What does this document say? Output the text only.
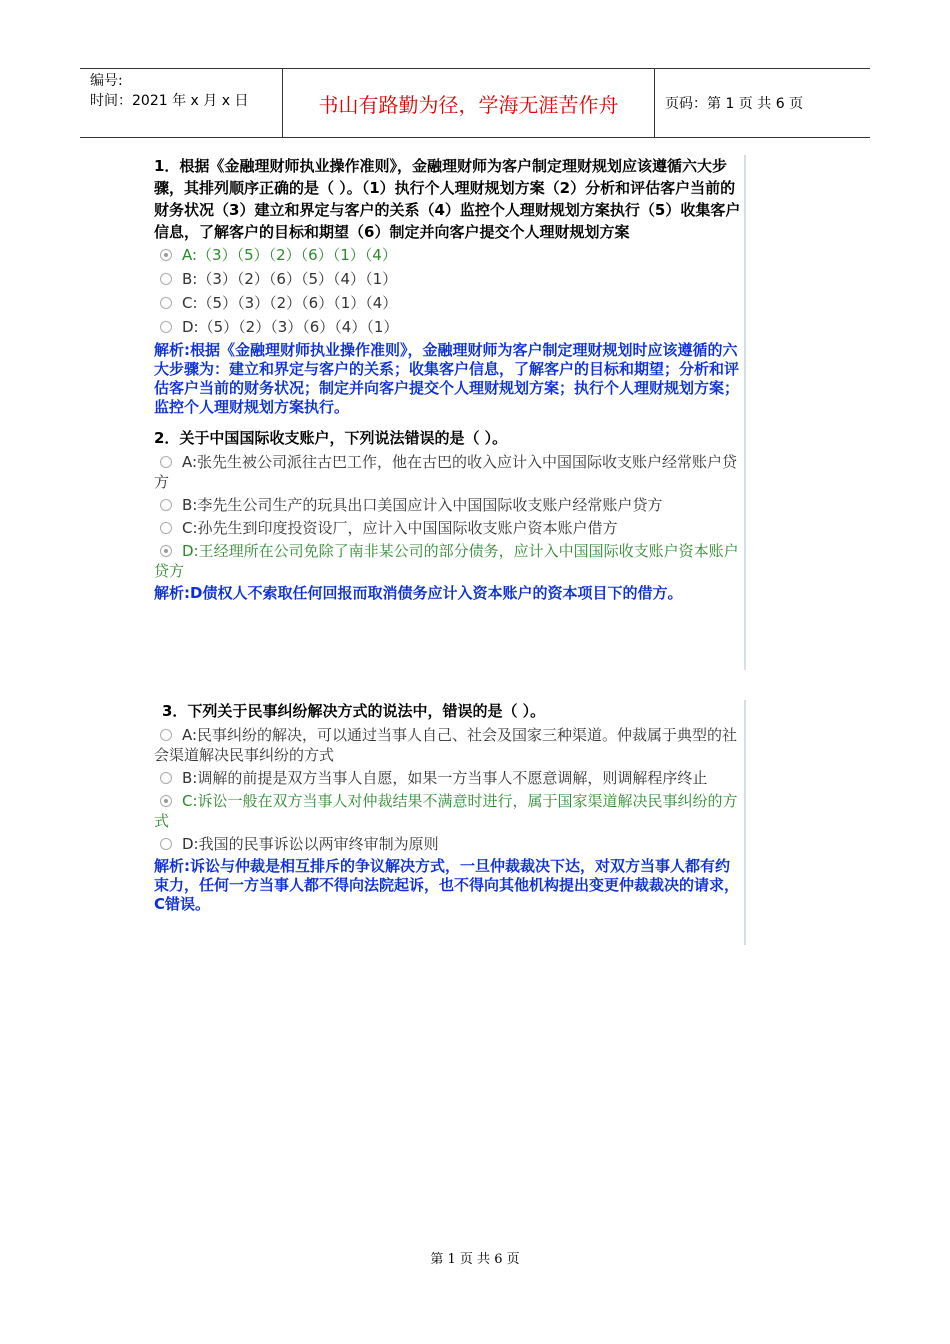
编号:
时间：2021 年 x 月 x 日	书山有路勤为径，学海无涯苦作舟	页码：第 1 页 共 6 页

1．根据《金融理财师执业操作准则》，金融理财师为客户制定理财规划应该遵循六大步骤，其排列顺序正确的是（ ）。（1）执行个人理财规划方案（2）分析和评估客户当前的财务状况（3）建立和界定与客户的关系（4）监控个人理财规划方案执行（5）收集客户信息，了解客户的目标和期望（6）制定并向客户提交个人理财规划方案

A:（3）（5）（2）（6）（1）（4）
B:（3）（2）（6）（5）（4）（1）
C:（5）（3）（2）（6）（1）（4）
D:（5）（2）（3）（6）（4）（1）
解析:根据《金融理财师执业操作准则》，金融理财师为客户制定理财规划时应该遵循的六大步骤为：建立和界定与客户的关系；收集客户信息，了解客户的目标和期望；分析和评估客户当前的财务状况；制定并向客户提交个人理财规划方案；执行个人理财规划方案；监控个人理财规划方案执行。

2．关于中国国际收支账户，下列说法错误的是（ ）。

A:张先生被公司派往古巴工作，他在古巴的收入应计入中国国际收支账户经常账户贷方
B:李先生公司生产的玩具出口美国应计入中国国际收支账户经常账户贷方
C:孙先生到印度投资设厂，应计入中国国际收支账户资本账户借方
D:王经理所在公司免除了南非某公司的部分债务，应计入中国国际收支账户资本账户贷方
解析:D债权人不索取任何回报而取消债务应计入资本账户的资本项目下的借方。

3．下列关于民事纠纷解决方式的说法中，错误的是（ ）。

A:民事纠纷的解决，可以通过当事人自己、社会及国家三种渠道。仲裁属于典型的社会渠道解决民事纠纷的方式
B:调解的前提是双方当事人自愿，如果一方当事人不愿意调解，则调解程序终止
C:诉讼一般在双方当事人对仲裁结果不满意时进行，属于国家渠道解决民事纠纷的方式
D:我国的民事诉讼以两审终审制为原则
解析:诉讼与仲裁是相互排斥的争议解决方式，一旦仲裁裁决下达，对双方当事人都有约束力，任何一方当事人都不得向法院起诉，也不得向其他机构提出变更仲裁裁决的请求，C错误。
第 1 页 共 6 页
